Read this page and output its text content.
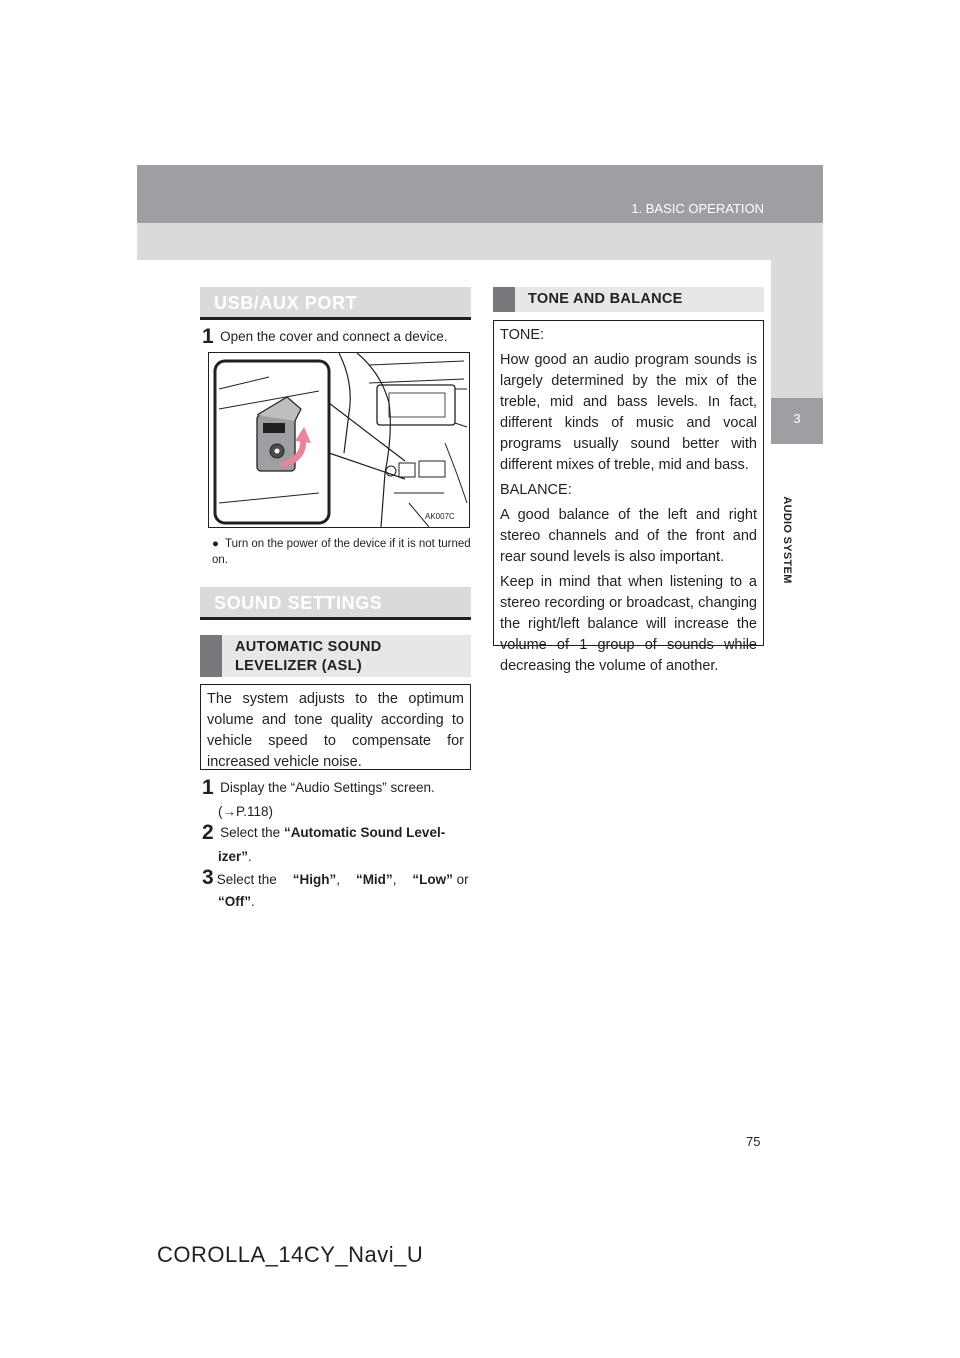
1. BASIC OPERATION
3
AUDIO SYSTEM
USB/AUX PORT
1 Open the cover and connect a device.
AK007C
● Turn on the power of the device if it is not turned on.
SOUND SETTINGS
AUTOMATIC SOUND
LEVELIZER (ASL)

The system adjusts to the optimum volume and tone quality according to vehicle speed to compensate for increased vehicle noise.

1 Display the “Audio Settings” screen.
(→P.118)
2 Select the “Automatic Sound Level-
izer”.
3 Select the “High”, “Mid”, “Low” or
“Off”.
TONE AND BALANCE

TONE:

How good an audio program sounds is largely determined by the mix of the treble, mid and bass levels. In fact, different kinds of music and vocal programs usually sound better with different mixes of treble, mid and bass.

BALANCE:

A good balance of the left and right stereo channels and of the front and rear sound levels is also important.

Keep in mind that when listening to a stereo recording or broadcast, changing the right/left balance will increase the volume of 1 group of sounds while decreasing the volume of another.

75
COROLLA_14CY_Navi_U
